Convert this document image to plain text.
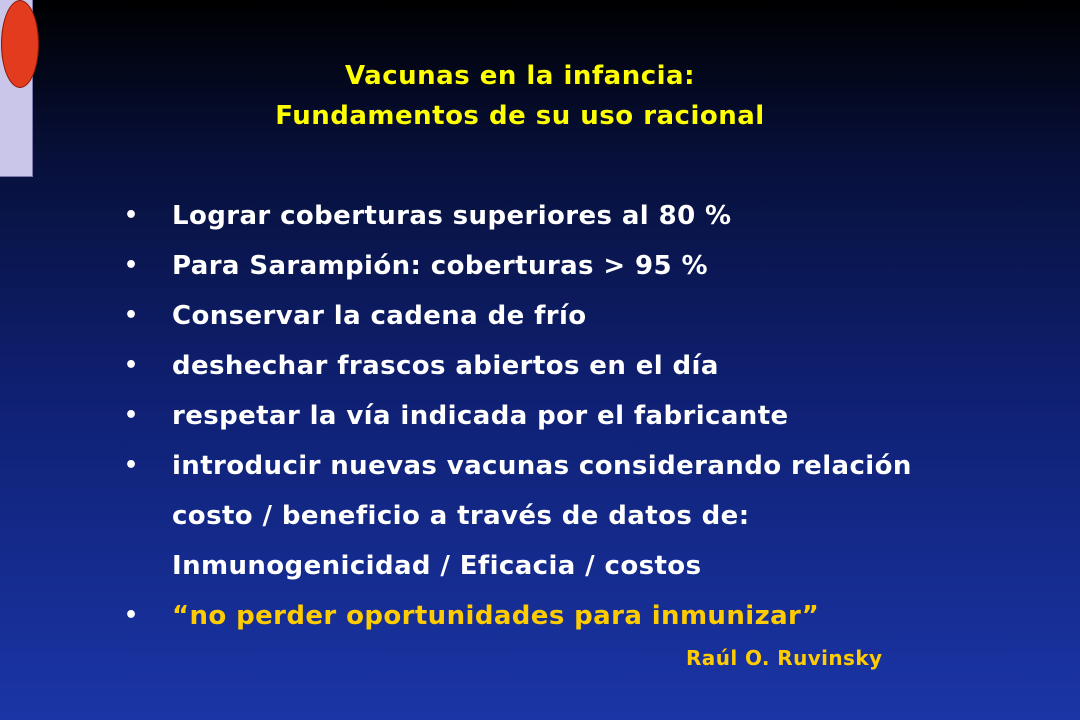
Vacunas en la infancia:
Fundamentos de su uso racional
• Lograr coberturas superiores al 80 %
• Para Sarampión: coberturas > 95 %
• Conservar la cadena de frío
• deshechar frascos abiertos en el día
• respetar la vía indicada por el fabricante
• introducir nuevas vacunas considerando relación
costo / beneficio a través de datos de:
Inmunogenicidad / Eficacia / costos
• “no perder oportunidades para inmunizar”
Raúl O. Ruvinsky
